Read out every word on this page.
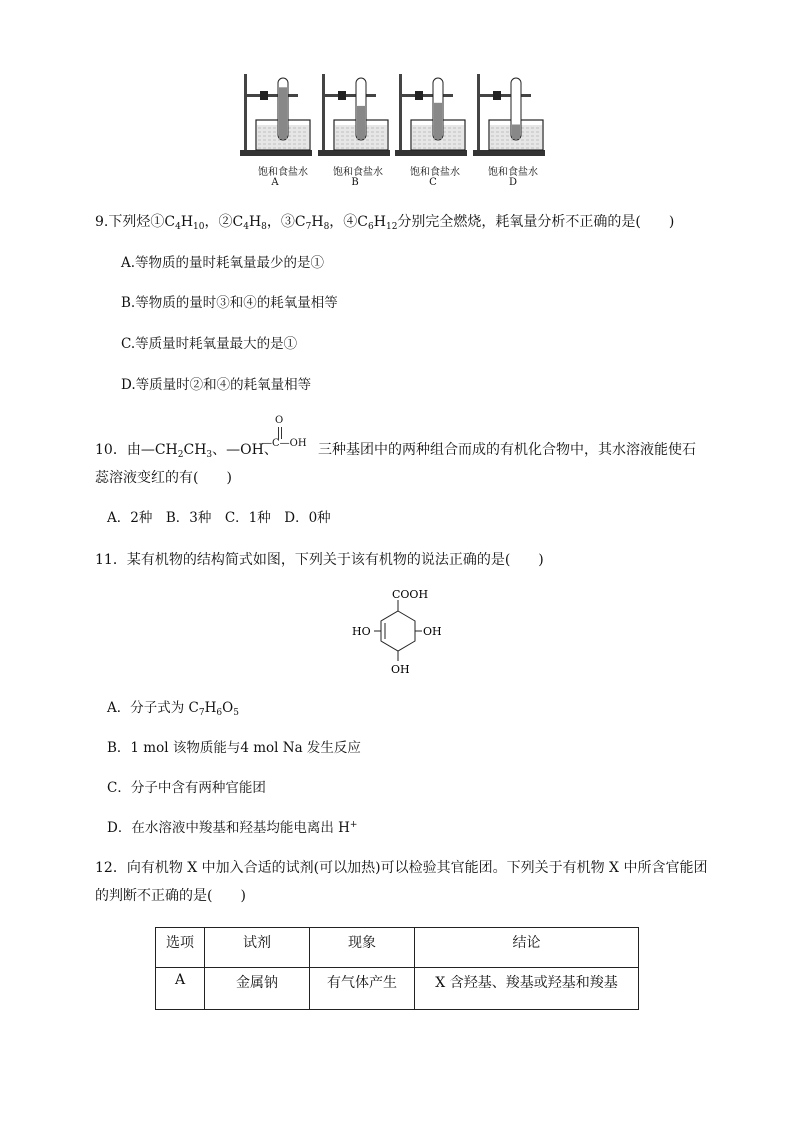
饱和食盐水	饱和食盐水	饱和食盐水	饱和食盐水
A	B	C	D
9.下列烃$①C_4H_{10}$，$②C_4H_8$，$③C_7H_8$，$④C_6H_{12}$分别完全燃烧，耗氧量分析不正确的是(　　)
A.等物质的量时耗氧量最少的是①
B.等物质的量时③和④的耗氧量相等
C.等质量时耗氧量最大的是①
D.等质量时②和④的耗氧量相等
10．由$—CH_2CH_3$、—OH、
O
—C—OH 三种基团中的两种组合而成的有机化合物中，其水溶液能使石
蕊溶液变红的有(　　)
A．2种　B．3种　C．1种　D．0种
11．某有机物的结构简式如图，下列关于该有机物的说法正确的是(　　)
COOH
HO	OH
OH
A．分子式为 $C_7H_6O_5$
B．1 mol 该物质能与4 mol Na 发生反应
C．分子中含有两种官能团
D．在水溶液中羧基和羟基均能电离出 H+
12．向有机物 X 中加入合适的试剂(可以加热)可以检验其官能团。下列关于有机物 X 中所含官能团
的判断不正确的是(　　)
选项	试剂	现象	结论
A	金属钠	有气体产生	X 含羟基、羧基或羟基和羧基
